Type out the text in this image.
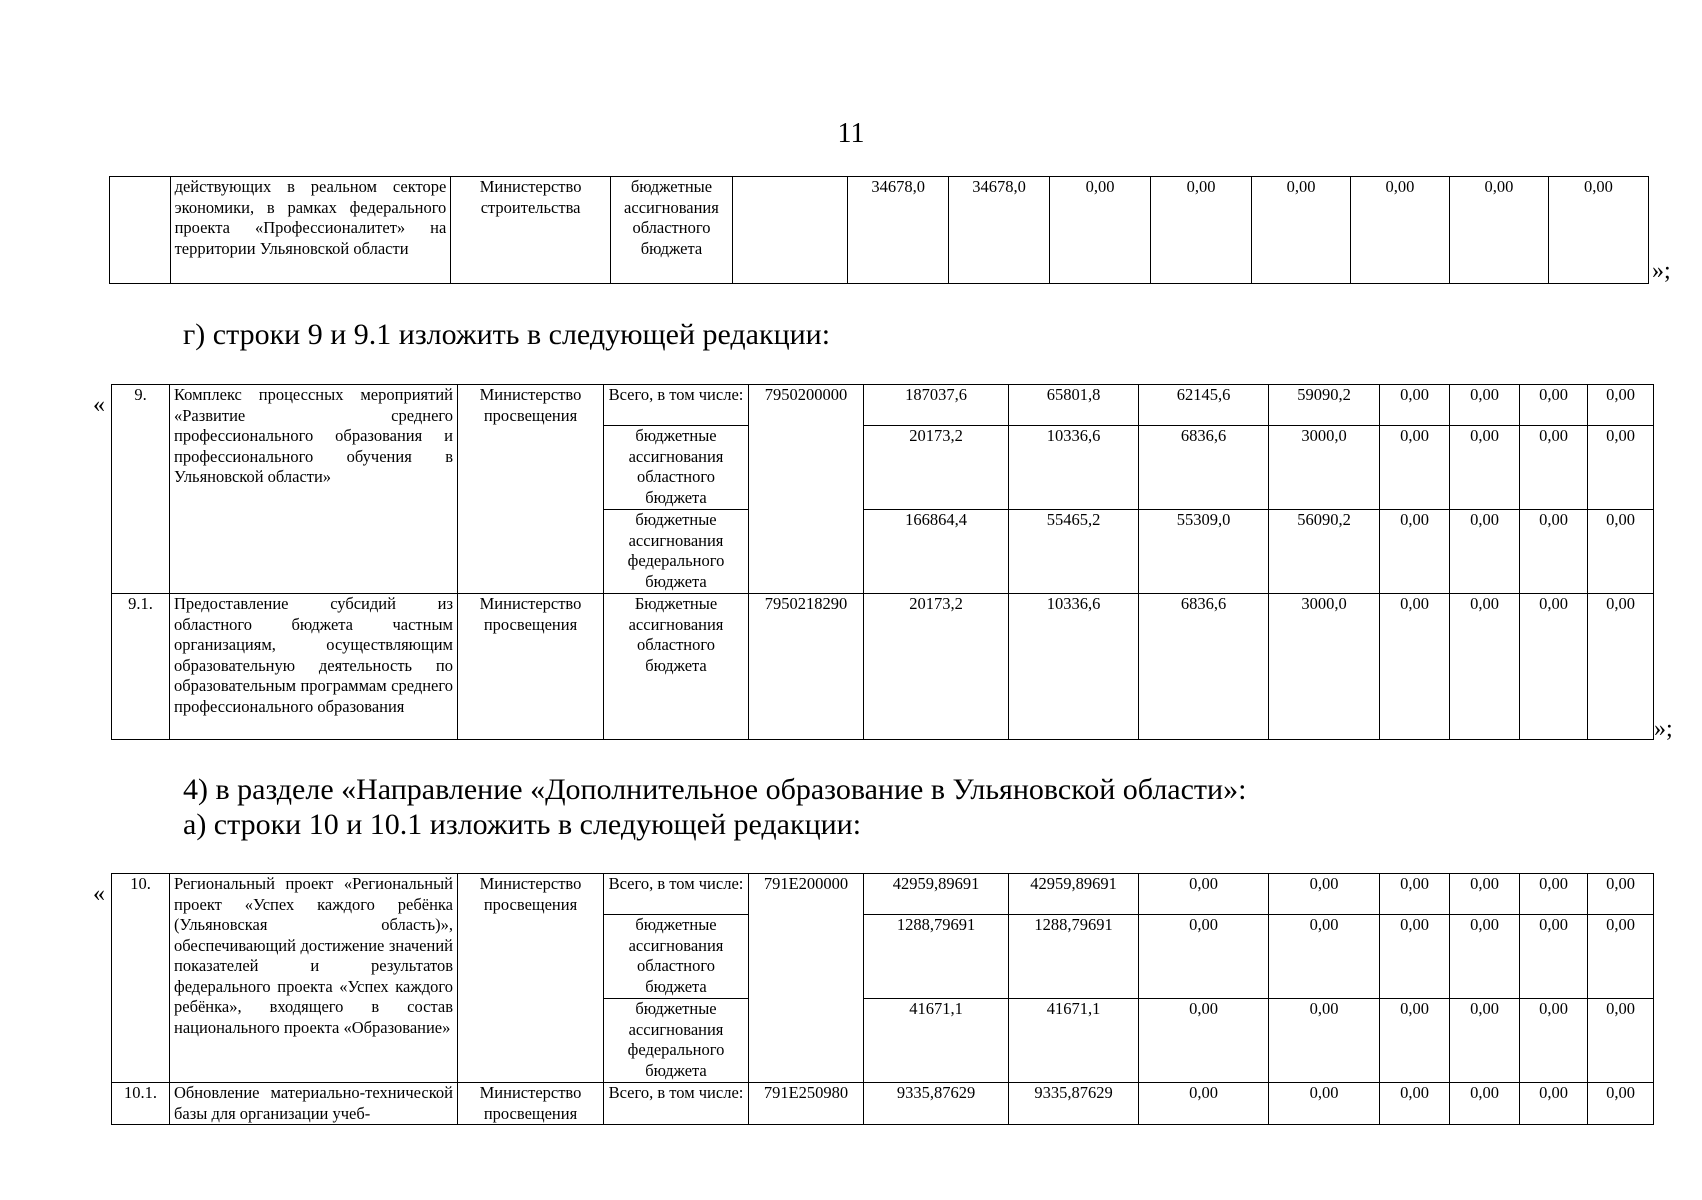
11
	действующих в реальном секторе экономики, в рамках федерального проекта «Профессионалитет» на территории Ульяновской области	Министерство строительства	бюджетные ассигнования областного бюджета		34678,0	34678,0	0,00	0,00	0,00	0,00	0,00	0,00
»;
г) строки 9 и 9.1 изложить в следующей редакции:
« 9.	Комплекс процессных мероприятий «Развитие среднего профессионального образования и профессионального обучения в Ульяновской области»	Министерство просвещения	Всего, в том числе:	7950200000	187037,6	65801,8	62145,6	59090,2	0,00	0,00	0,00	0,00
			бюджетные ассигнования областного бюджета		20173,2	10336,6	6836,6	3000,0	0,00	0,00	0,00	0,00
			бюджетные ассигнования федерального бюджета		166864,4	55465,2	55309,0	56090,2	0,00	0,00	0,00	0,00
9.1.	Предоставление субсидий из областного бюджета частным организациям, осуществляющим образовательную деятельность по образовательным программам среднего профессионального образования	Министерство просвещения	Бюджетные ассигнования областного бюджета	7950218290	20173,2	10336,6	6836,6	3000,0	0,00	0,00	0,00	0,00
»;
4) в разделе «Направление «Дополнительное образование в Ульяновской области»:
а) строки 10 и 10.1 изложить в следующей редакции:
« 10.	Региональный проект «Региональный проект «Успех каждого ребёнка (Ульяновская область)», обеспечивающий достижение значений показателей и результатов федерального проекта «Успех каждого ребёнка», входящего в состав национального проекта «Образование»	Министерство просвещения	Всего, в том числе:	791E200000	42959,89691	42959,89691	0,00	0,00	0,00	0,00	0,00	0,00
			бюджетные ассигнования областного бюджета		1288,79691	1288,79691	0,00	0,00	0,00	0,00	0,00	0,00
			бюджетные ассигнования федерального бюджета		41671,1	41671,1	0,00	0,00	0,00	0,00	0,00	0,00
10.1.	Обновление материально-технической базы для организации учеб-	Министерство просвещения	Всего, в том числе:	791E250980	9335,87629	9335,87629	0,00	0,00	0,00	0,00	0,00	0,00
